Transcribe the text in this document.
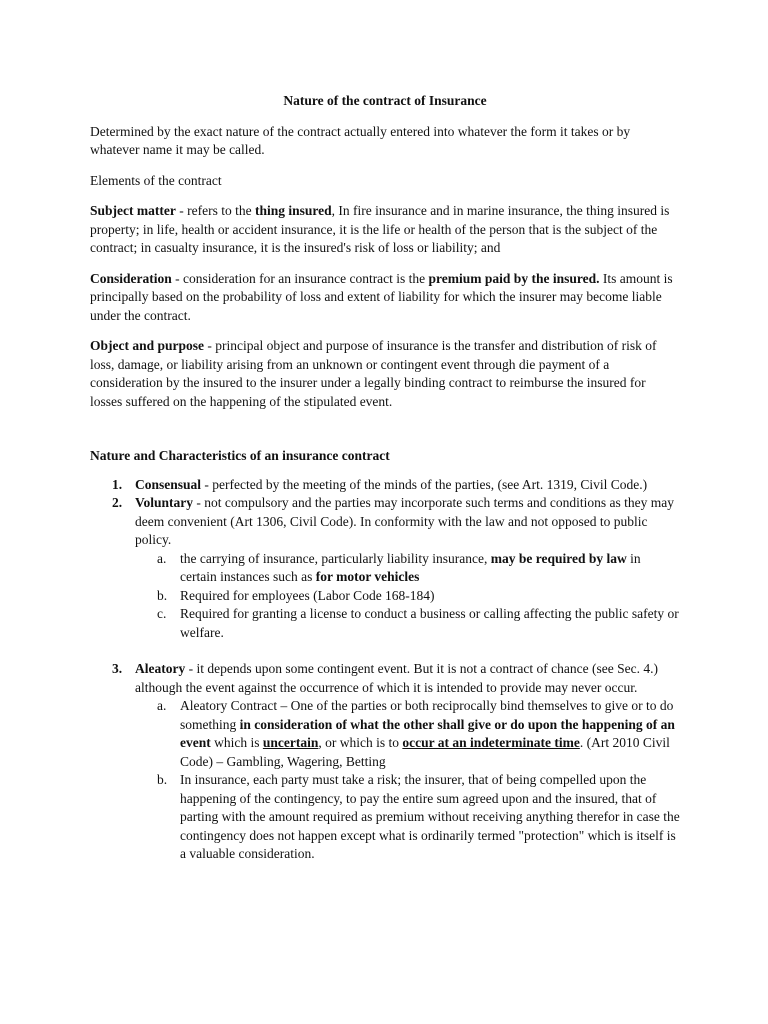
Nature of the contract of Insurance

Determined by the exact nature of the contract actually entered into whatever the form it takes or by whatever name it may be called.

Elements of the contract

Subject matter - refers to the thing insured, In fire insurance and in marine insurance, the thing insured is property; in life, health or accident insurance, it is the life or health of the person that is the subject of the contract; in casualty insurance, it is the insured's risk of loss or liability; and

Consideration - consideration for an insurance contract is the premium paid by the insured. Its amount is principally based on the probability of loss and extent of liability for which the insurer may become liable under the contract.

Object and purpose - principal object and purpose of insurance is the transfer and distribution of risk of loss, damage, or liability arising from an unknown or contingent event through die payment of a consideration by the insured to the insurer under a legally binding contract to reimburse the insured for losses suffered on the happening of the stipulated event.

Nature and Characteristics of an insurance contract
1. Consensual - perfected by the meeting of the minds of the parties, (see Art. 1319, Civil Code.)
2. Voluntary - not compulsory and the parties may incorporate such terms and conditions as they may deem convenient (Art 1306, Civil Code). In conformity with the law and not opposed to public policy.
a. the carrying of insurance, particularly liability insurance, may be required by law in certain instances such as for motor vehicles
b. Required for employees (Labor Code 168-184)
c. Required for granting a license to conduct a business or calling affecting the public safety or welfare.
3. Aleatory - it depends upon some contingent event. But it is not a contract of chance (see Sec. 4.) although the event against the occurrence of which it is intended to provide may never occur.
a. Aleatory Contract – One of the parties or both reciprocally bind themselves to give or to do something in consideration of what the other shall give or do upon the happening of an event which is uncertain, or which is to occur at an indeterminate time. (Art 2010 Civil Code) – Gambling, Wagering, Betting
b. In insurance, each party must take a risk; the insurer, that of being compelled upon the happening of the contingency, to pay the entire sum agreed upon and the insured, that of parting with the amount required as premium without receiving anything therefor in case the contingency does not happen except what is ordinarily termed "protection" which is itself is a valuable consideration.
